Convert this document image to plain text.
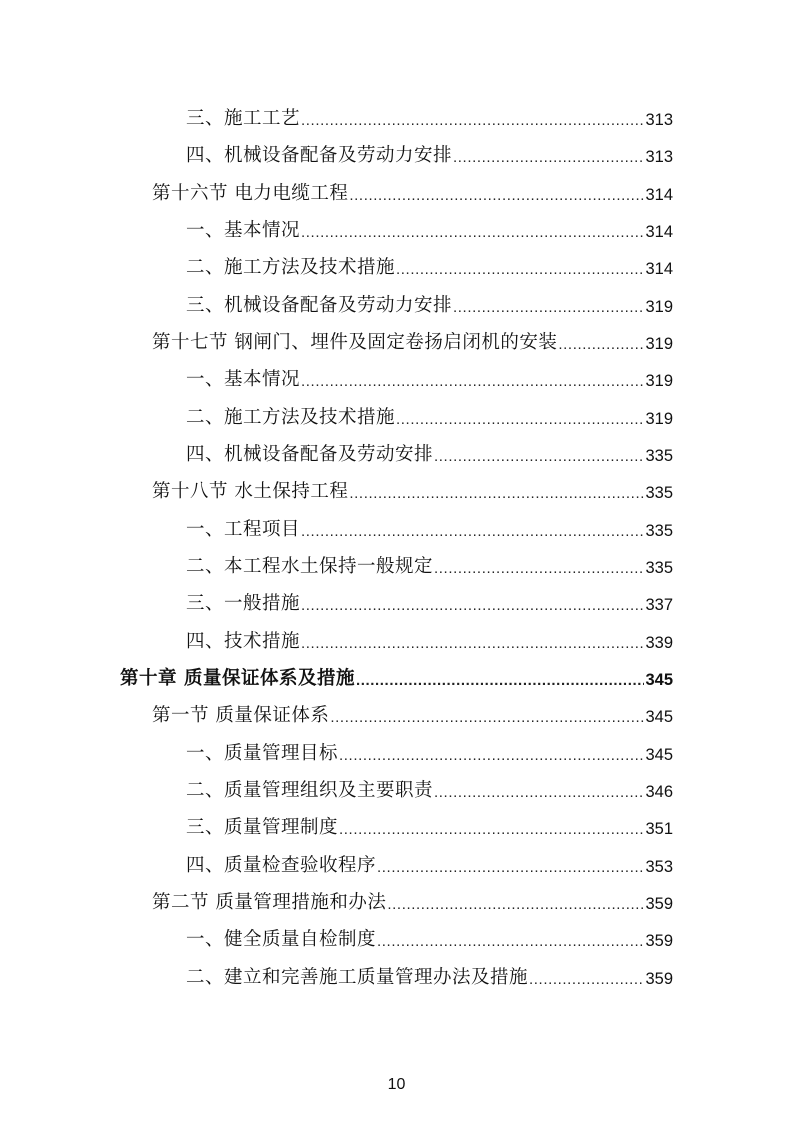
三、施工工艺 .....	313
四、机械设备配备及劳动力安排 .....	313
第十六节 电力电缆工程 .....	314
一、基本情况 .....	314
二、施工方法及技术措施 .....	314
三、机械设备配备及劳动力安排 .....	319
第十七节 钢闸门、埋件及固定卷扬启闭机的安装 .....	319
一、基本情况 .....	319
二、施工方法及技术措施 .....	319
四、机械设备配备及劳动安排 .....	335
第十八节 水土保持工程 .....	335
一、工程项目 .....	335
二、本工程水土保持一般规定 .....	335
三、一般措施 .....	337
四、技术措施 .....	339
第十章 质量保证体系及措施 .....	345
第一节 质量保证体系 .....	345
一、质量管理目标 .....	345
二、质量管理组织及主要职责 .....	346
三、质量管理制度 .....	351
四、质量检查验收程序 .....	353
第二节 质量管理措施和办法 .....	359
一、健全质量自检制度 .....	359
二、建立和完善施工质量管理办法及措施 .....	359
10
